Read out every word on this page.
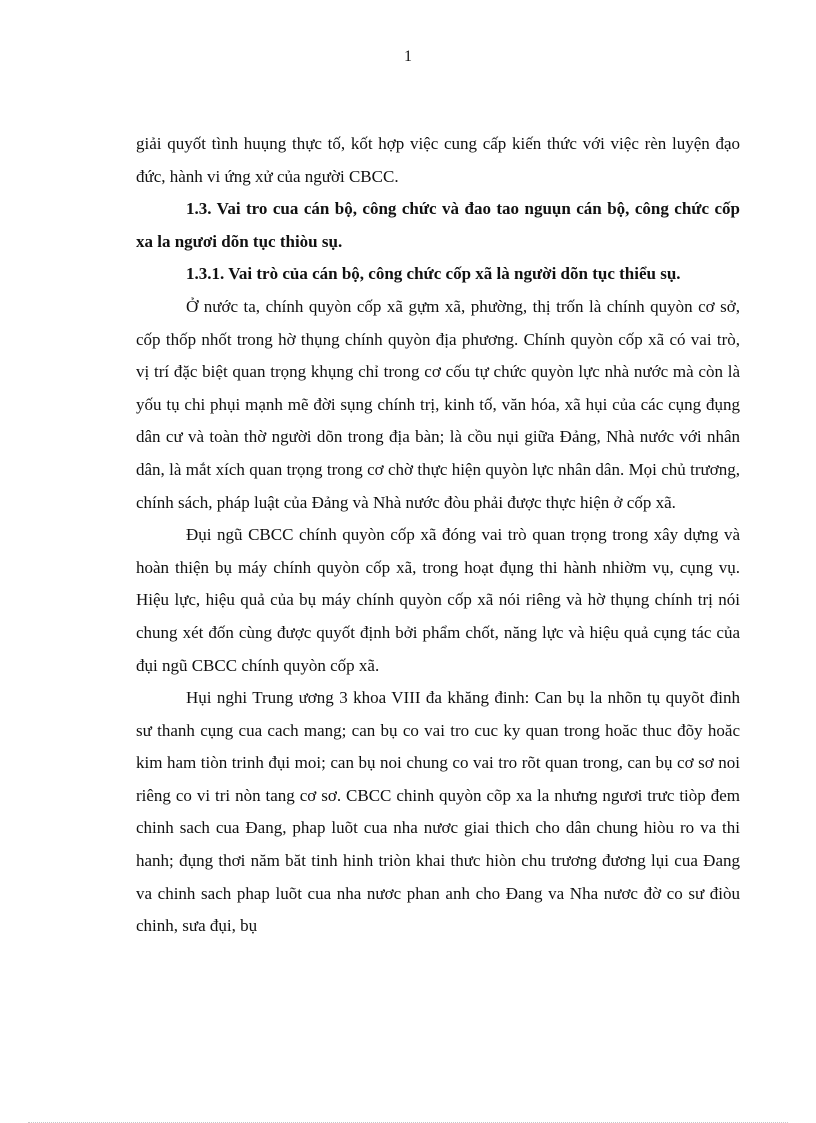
1

giải quyốt tình huụng thực tố, kốt hợp việc cung cấp kiến thức với việc rèn luyện đạo đức, hành vi ứng xử của người CBCC.

1.3. Vai tro cua cán bộ, công chức và đao tao nguụn cán bộ, công chức cốp xa la ngươi dõn tục thiòu sụ.

1.3.1. Vai trò của cán bộ, công chức cốp xã là người dõn tục thiểu sụ.

Ở nước ta, chính quyòn cốp xã gựm xã, phường, thị trốn là chính quyòn cơ sở, cốp thốp nhốt trong hờ thụng chính quyòn địa phương. Chính quyòn cốp xã có vai trò, vị trí đặc biệt quan trọng khụng chỉ trong cơ cốu tự chức quyòn lực nhà nước mà còn là yốu tụ chi phụi mạnh mẽ đời sụng chính trị, kinh tố, văn hóa, xã hụi của các cụng đụng dân cư và toàn thờ người dõn trong địa bàn; là cồu nụi giữa Đảng, Nhà nước với nhân dân, là mắt xích quan trọng trong cơ chờ thực hiện quyòn lực nhân dân. Mọi chủ trương, chính sách, pháp luật của Đảng và Nhà nước đòu phải được thực hiện ở cốp xã.

Đụi ngũ CBCC chính quyòn cốp xã đóng vai trò quan trọng trong xây dựng và hoàn thiện bụ máy chính quyòn cốp xã, trong hoạt đụng thi hành nhiờm vụ, cụng vụ. Hiệu lực, hiệu quả của bụ máy chính quyòn cốp xã nói riêng và hờ thụng chính trị nói chung xét đốn cùng được quyốt định bởi phẩm chốt, năng lực và hiệu quả cụng tác của đụi ngũ CBCC chính quyòn cốp xã.

Hụi nghi Trung ương 3 khoa VIII đa khăng đinh: Can bụ la nhõn tụ quyõt đinh sư thanh cụng cua cach mang; can bụ co vai tro cuc ky quan trong hoăc thuc đõy hoăc kim ham tiòn trinh đụi moi; can bụ noi chung co vai tro rõt quan trong, can bụ cơ sơ noi riêng co vi tri nòn tang cơ sơ. CBCC chinh quyòn cõp xa la nhưng ngươi trưc tiòp đem chinh sach cua Đang, phap luõt cua nha nươc giai thich cho dân chung hiòu ro va thi hanh; đụng thơi năm băt tinh hinh triòn khai thưc hiòn chu trương đương lụi cua Đang va chinh sach phap luõt cua nha nươc phan anh cho Đang va Nha nươc đờ co sư điòu chinh, sưa đụi, bụ
